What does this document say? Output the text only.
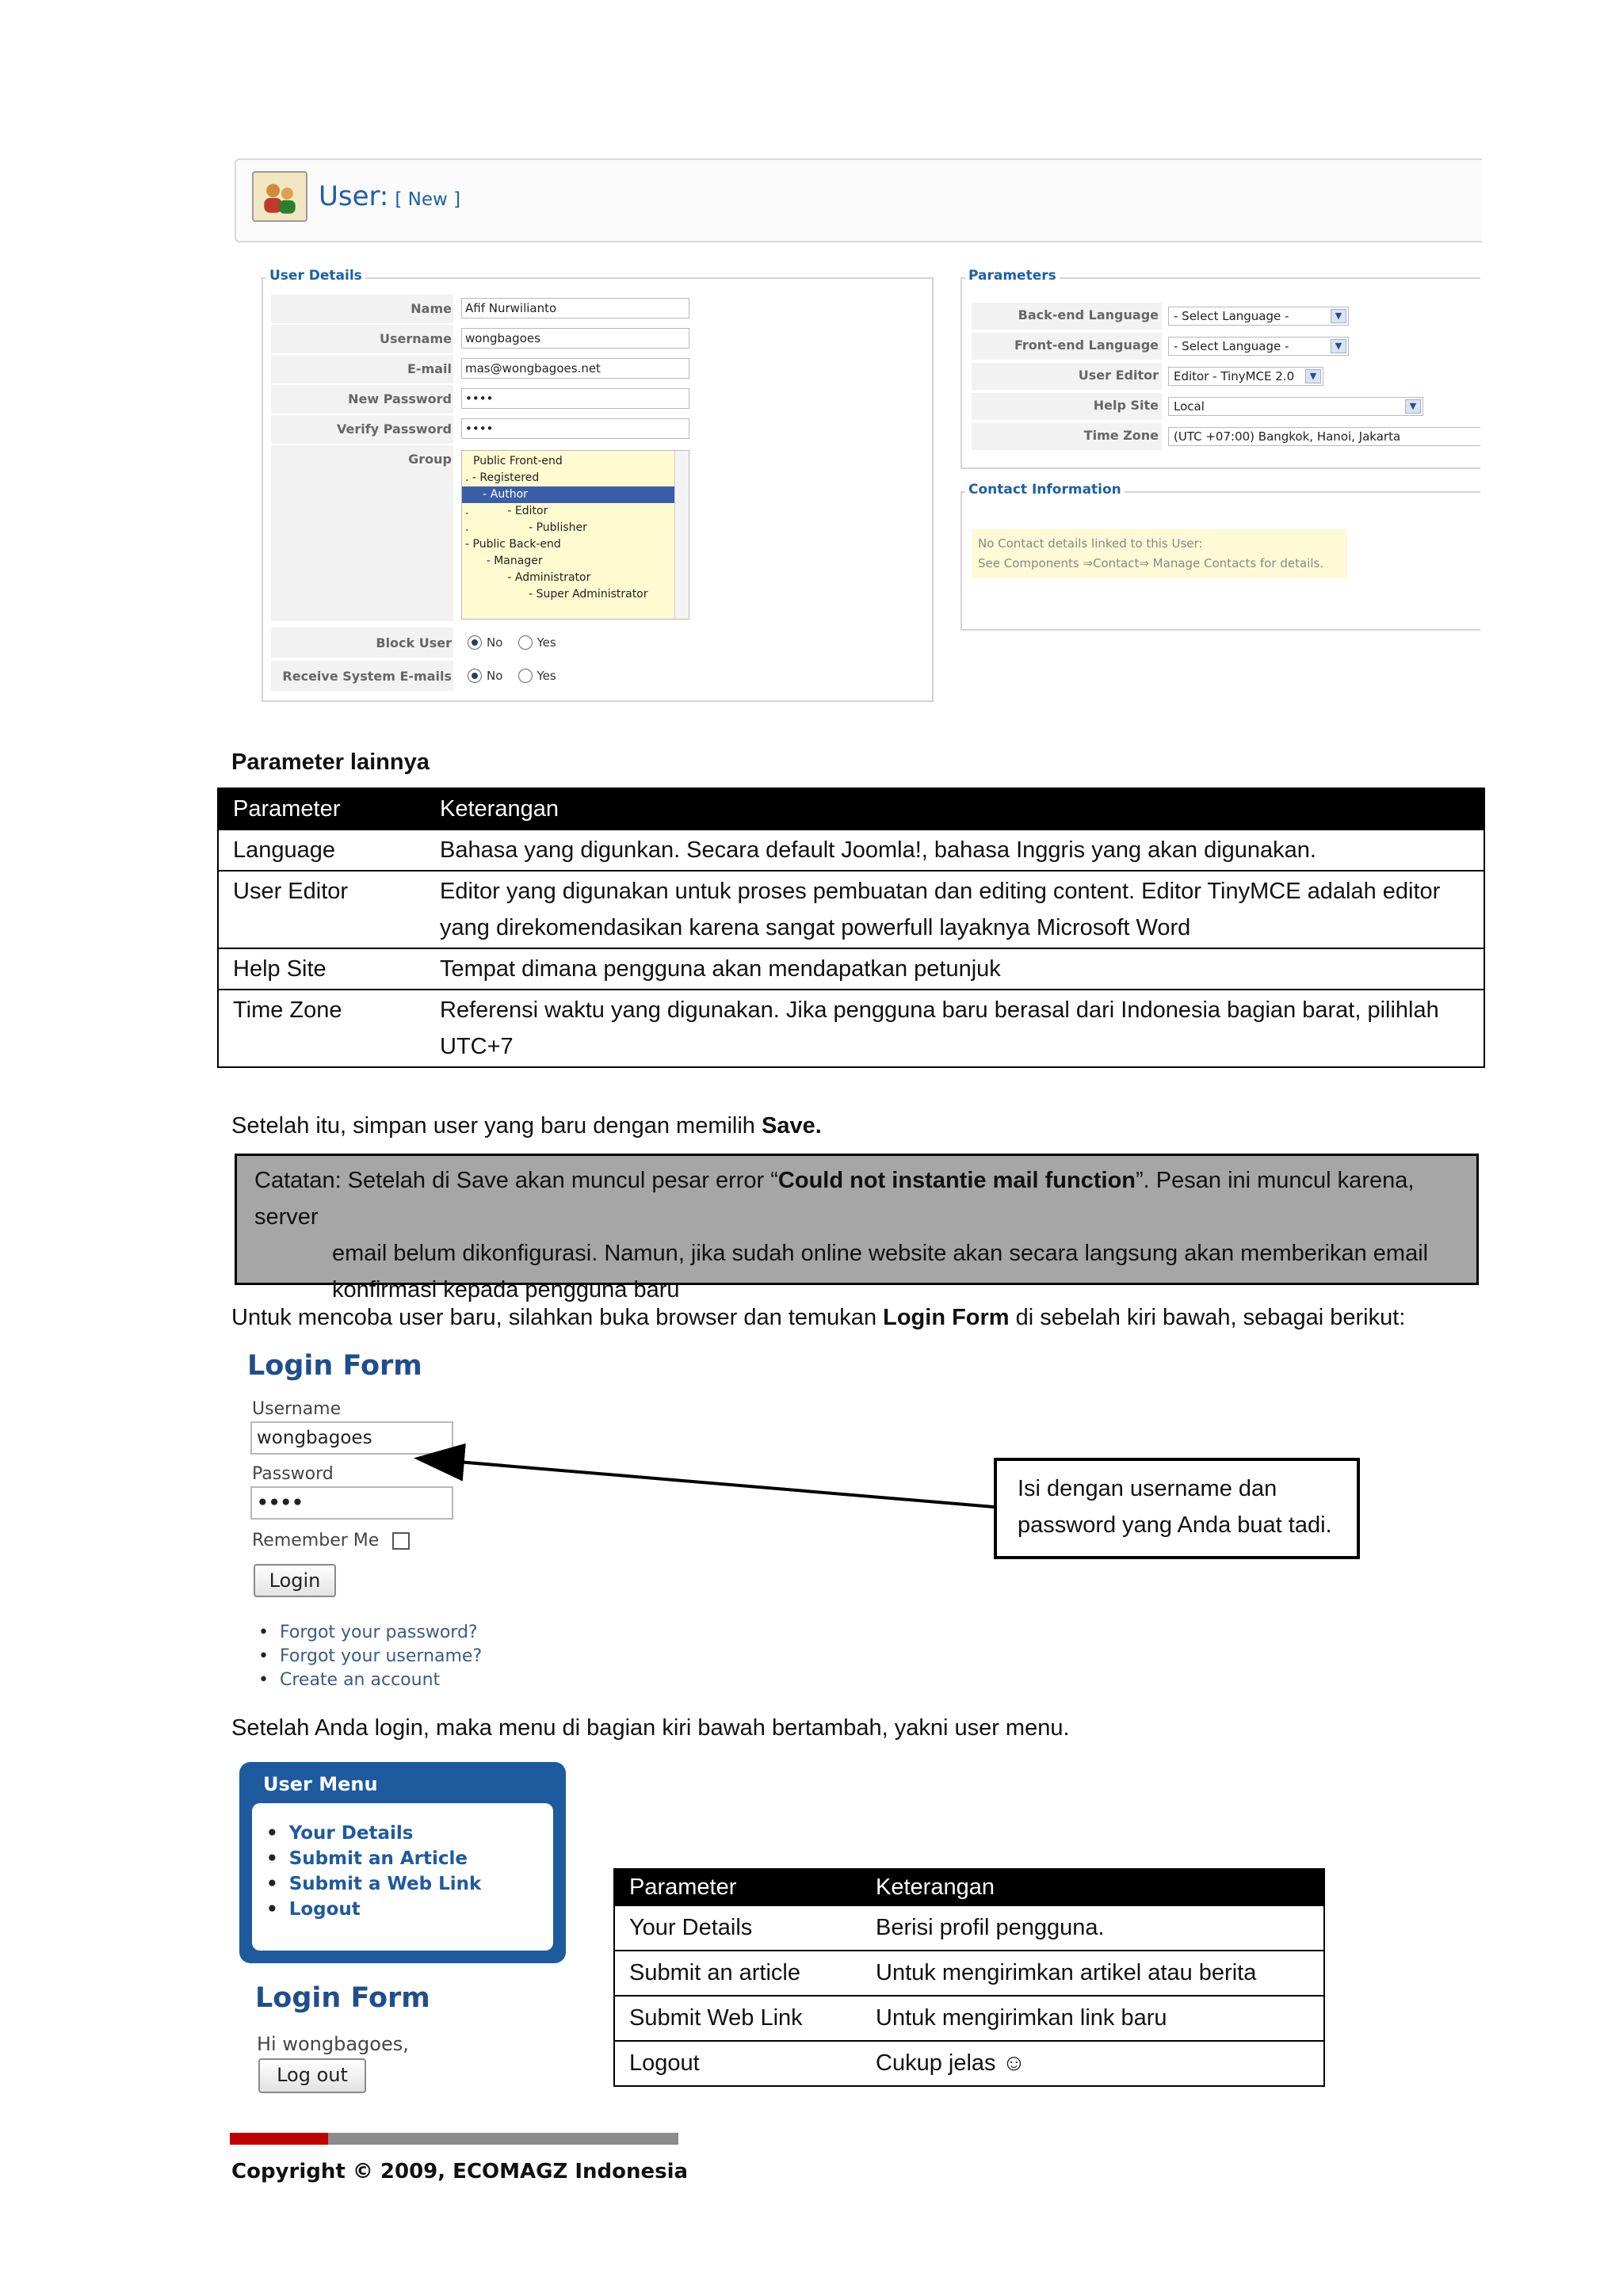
User: [ New ]
User Details
Name	Afif Nurwilianto
Username	wongbagoes
E-mail	mas@wongbagoes.net
New Password	••••
Verify Password	••••
Group	Public Front-end
. - Registered
- Author
.           - Editor
.                 - Publisher
- Public Back-end
- Manager
- Administrator
- Super Administrator
Block User	No	Yes
Receive System E-mails	No	Yes
Parameters
Back-end Language	- Select Language -	▼
Front-end Language	- Select Language -	▼
User Editor	Editor - TinyMCE 2.0	▼
Help Site	Local	▼
Time Zone	(UTC +07:00) Bangkok, Hanoi, Jakarta
Contact Information
No Contact details linked to this User:
See Components ⇒Contact⇒ Manage Contacts for details.
Parameter lainnya
Parameter	Keterangan
Language	Bahasa yang digunkan. Secara default Joomla!, bahasa Inggris yang akan digunakan.
User Editor	Editor yang digunakan untuk proses pembuatan dan editing content. Editor TinyMCE adalah editor yang direkomendasikan karena sangat powerfull layaknya Microsoft Word
Help Site	Tempat dimana pengguna akan mendapatkan petunjuk
Time Zone	Referensi waktu yang digunakan. Jika pengguna baru berasal dari Indonesia bagian barat, pilihlah UTC+7
Setelah itu, simpan user yang baru dengan memilih Save.
Catatan: Setelah di Save akan muncul pesar error “Could not instantie mail function”. Pesan ini muncul karena, server
email belum dikonfigurasi. Namun, jika sudah online website akan secara langsung akan memberikan email
konfirmasi kepada pengguna baru
Untuk mencoba user baru, silahkan buka browser dan temukan Login Form di sebelah kiri bawah, sebagai berikut:
Login Form
Username
wongbagoes
Password
••••
Remember Me
Login
• Forgot your password?
• Forgot your username?
• Create an account
Isi dengan username dan
password yang Anda buat tadi.
Setelah Anda login, maka menu di bagian kiri bawah bertambah, yakni user menu.
User Menu
• Your Details
• Submit an Article
• Submit a Web Link
• Logout
Login Form
Hi wongbagoes,
Log out
Parameter	Keterangan
Your Details	Berisi profil pengguna.
Submit an article	Untuk mengirimkan artikel atau berita
Submit Web Link	Untuk mengirimkan link baru
Logout	Cukup jelas ☺
Copyright © 2009, ECOMAGZ Indonesia
